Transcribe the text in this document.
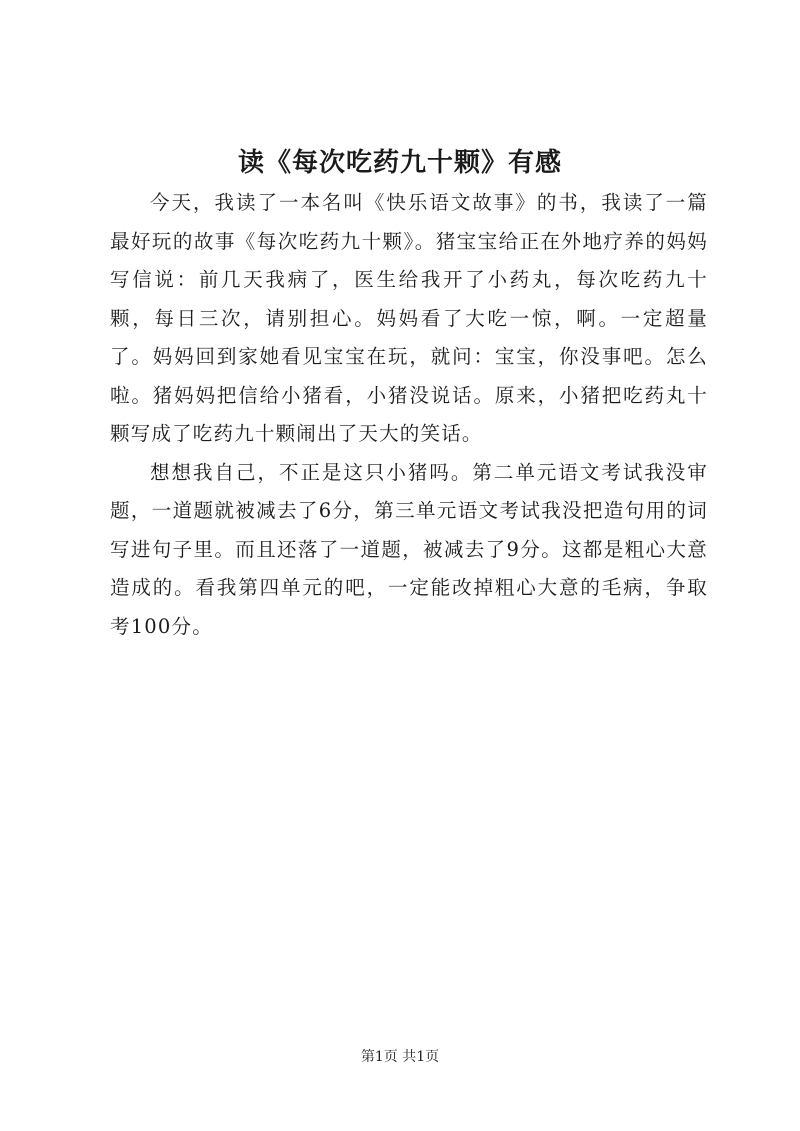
读《每次吃药九十颗》有感

今天，我读了一本名叫《快乐语文故事》的书，我读了一篇最好玩的故事《每次吃药九十颗》。猪宝宝给正在外地疗养的妈妈写信说：前几天我病了，医生给我开了小药丸，每次吃药九十颗，每日三次，请别担心。妈妈看了大吃一惊，啊。一定超量了。妈妈回到家她看见宝宝在玩，就问：宝宝，你没事吧。怎么啦。猪妈妈把信给小猪看，小猪没说话。原来，小猪把吃药丸十颗写成了吃药九十颗闹出了天大的笑话。

想想我自己，不正是这只小猪吗。第二单元语文考试我没审题，一道题就被减去了6分，第三单元语文考试我没把造句用的词写进句子里。而且还落了一道题，被减去了9分。这都是粗心大意造成的。看我第四单元的吧，一定能改掉粗心大意的毛病，争取考100分。

第1页 共1页
